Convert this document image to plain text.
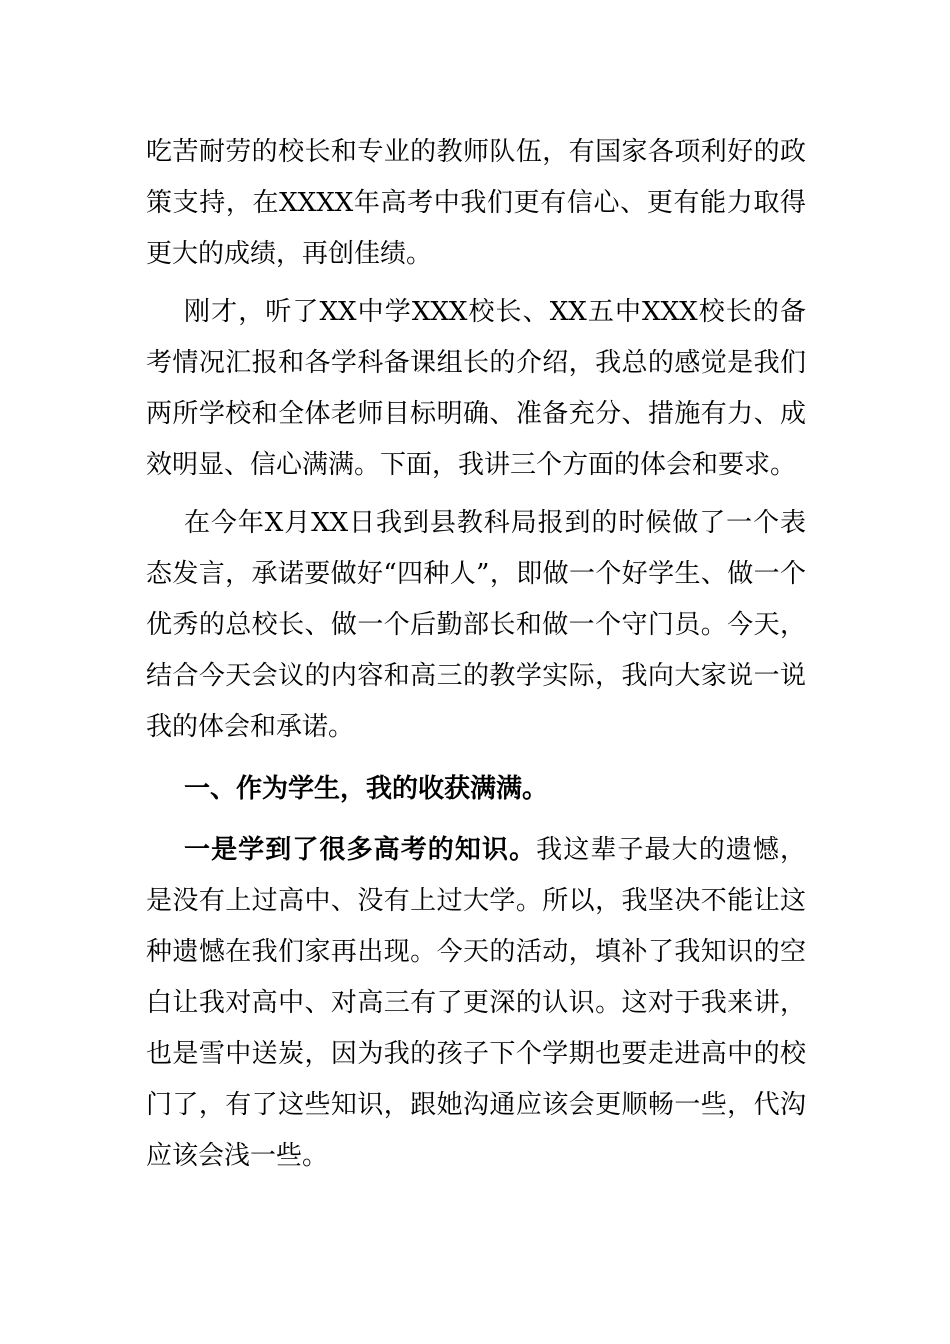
吃苦耐劳的校长和专业的教师队伍，有国家各项利好的政策支持，在XXXX年高考中我们更有信心、更有能力取得更大的成绩，再创佳绩。

刚才，听了XX中学XXX校长、XX五中XXX校长的备考情况汇报和各学科备课组长的介绍，我总的感觉是我们两所学校和全体老师目标明确、准备充分、措施有力、成效明显、信心满满。下面，我讲三个方面的体会和要求。

在今年X月XX日我到县教科局报到的时候做了一个表态发言，承诺要做好“四种人”，即做一个好学生、做一个优秀的总校长、做一个后勤部长和做一个守门员。今天，结合今天会议的内容和高三的教学实际，我向大家说一说我的体会和承诺。

一、作为学生，我的收获满满。

一是学到了很多高考的知识。我这辈子最大的遗憾，是没有上过高中、没有上过大学。所以，我坚决不能让这种遗憾在我们家再出现。今天的活动，填补了我知识的空白让我对高中、对高三有了更深的认识。这对于我来讲，也是雪中送炭，因为我的孩子下个学期也要走进高中的校门了，有了这些知识，跟她沟通应该会更顺畅一些，代沟应该会浅一些。
